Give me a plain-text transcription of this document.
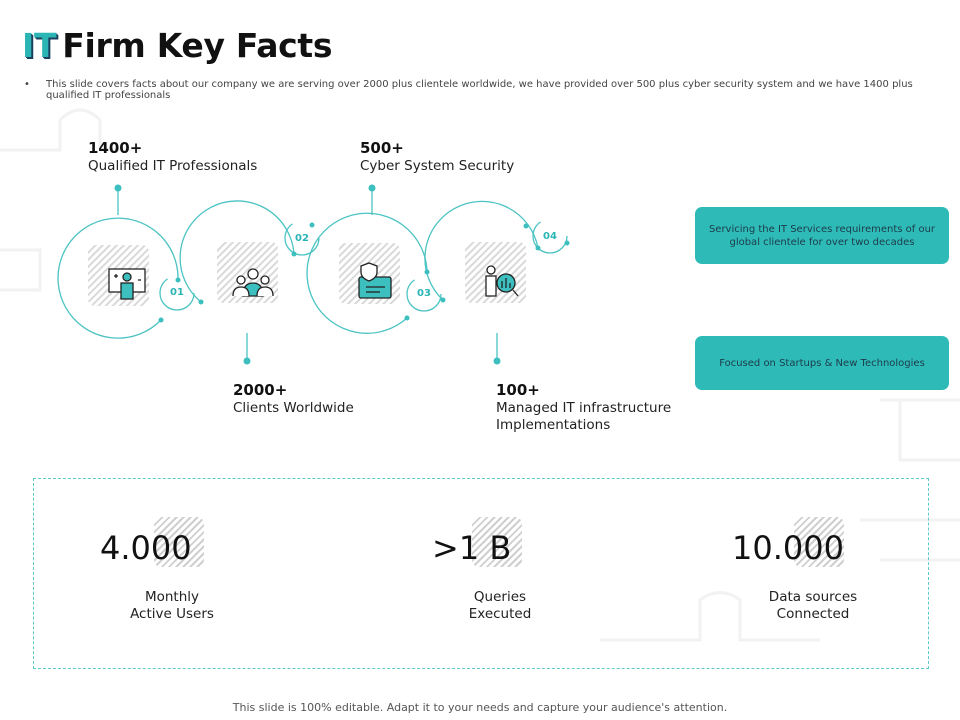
IT Firm Key Facts
•	This slide covers facts about our company we are serving over 2000 plus clientele worldwide, we have provided over 500 plus cyber security system and we have 1400 plus qualified IT professionals
1400+
Qualified IT Professionals
500+
Cyber System Security
2000+
Clients Worldwide
100+
Managed IT infrastructure Implementations
01
02
03
04
Servicing the IT Services requirements of our global clientele for over two decades
Focused on Startups & New Technologies
4.000
Monthly
Active Users
>1 B
Queries
Executed
10.000
Data sources
Connected
This slide is 100% editable. Adapt it to your needs and capture your audience's attention.
